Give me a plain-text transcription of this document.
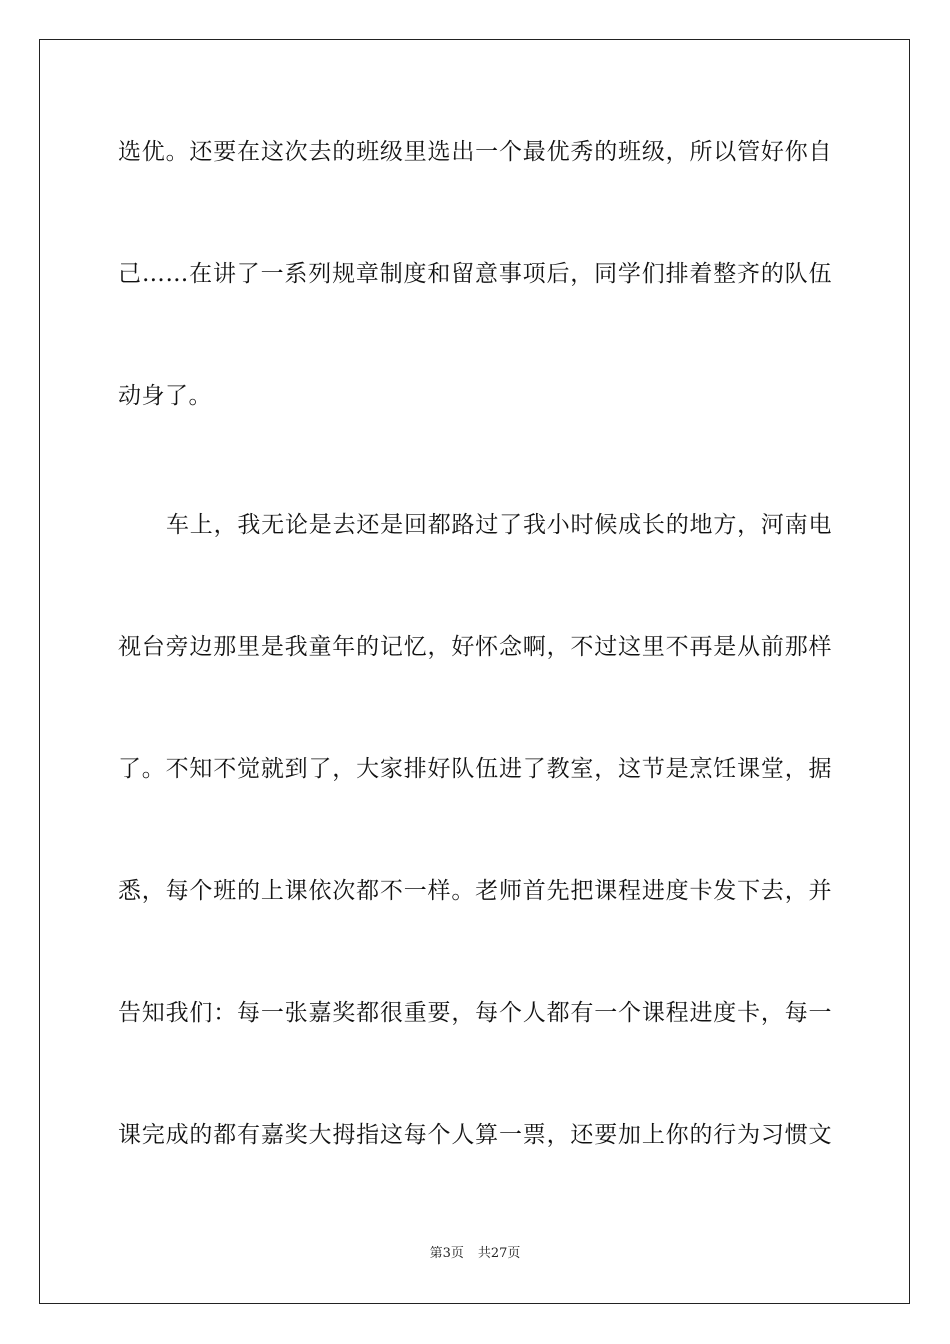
选优。还要在这次去的班级里选出一个最优秀的班级，所以管好你自
己……在讲了一系列规章制度和留意事项后，同学们排着整齐的队伍
动身了。
车上，我无论是去还是回都路过了我小时候成长的地方，河南电
视台旁边那里是我童年的记忆，好怀念啊，不过这里不再是从前那样
了。不知不觉就到了，大家排好队伍进了教室，这节是烹饪课堂，据
悉，每个班的上课依次都不一样。老师首先把课程进度卡发下去，并
告知我们：每一张嘉奖都很重要，每个人都有一个课程进度卡，每一
课完成的都有嘉奖大拇指这每个人算一票，还要加上你的行为习惯文
第3页 共27页
